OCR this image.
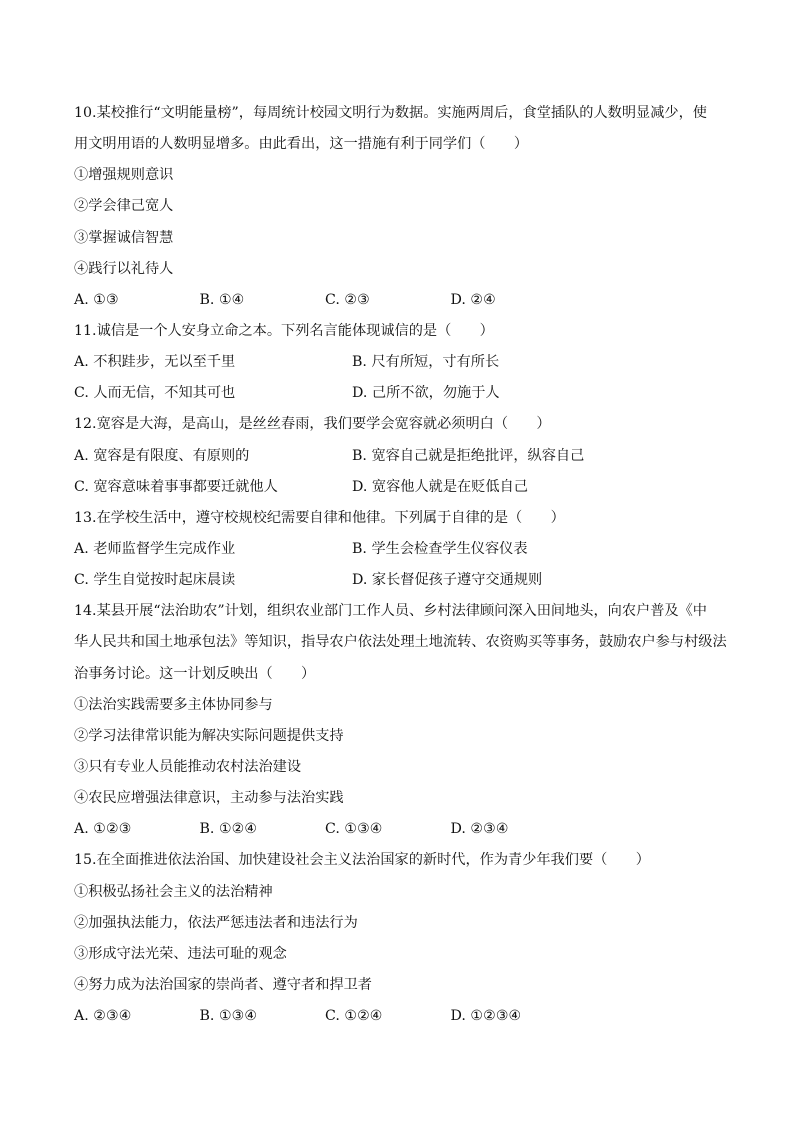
10.某校推行“文明能量榜”，每周统计校园文明行为数据。实施两周后，食堂插队的人数明显减少，使
用文明用语的人数明显增多。由此看出，这一措施有利于同学们（　　）
①增强规则意识
②学会律己宽人
③掌握诚信智慧
④践行以礼待人
A. ①③	B. ①④	C. ②③	D. ②④
11.诚信是一个人安身立命之本。下列名言能体现诚信的是（　　）
A. 不积跬步，无以至千里	B. 尺有所短，寸有所长
C. 人而无信，不知其可也	D. 己所不欲，勿施于人
12.宽容是大海，是高山，是丝丝春雨，我们要学会宽容就必须明白（　　）
A. 宽容是有限度、有原则的	B. 宽容自己就是拒绝批评，纵容自己
C. 宽容意味着事事都要迁就他人	D. 宽容他人就是在贬低自己
13.在学校生活中，遵守校规校纪需要自律和他律。下列属于自律的是（　　）
A. 老师监督学生完成作业	B. 学生会检查学生仪容仪表
C. 学生自觉按时起床晨读	D. 家长督促孩子遵守交通规则
14.某县开展“法治助农”计划，组织农业部门工作人员、乡村法律顾问深入田间地头，向农户普及《中
华人民共和国土地承包法》等知识，指导农户依法处理土地流转、农资购买等事务，鼓励农户参与村级法
治事务讨论。这一计划反映出（　　）
①法治实践需要多主体协同参与
②学习法律常识能为解决实际问题提供支持
③只有专业人员能推动农村法治建设
④农民应增强法律意识，主动参与法治实践
A. ①②③	B. ①②④	C. ①③④	D. ②③④
15.在全面推进依法治国、加快建设社会主义法治国家的新时代，作为青少年我们要（　　）
①积极弘扬社会主义的法治精神
②加强执法能力，依法严惩违法者和违法行为
③形成守法光荣、违法可耻的观念
④努力成为法治国家的崇尚者、遵守者和捍卫者
A. ②③④	B. ①③④	C. ①②④	D. ①②③④
